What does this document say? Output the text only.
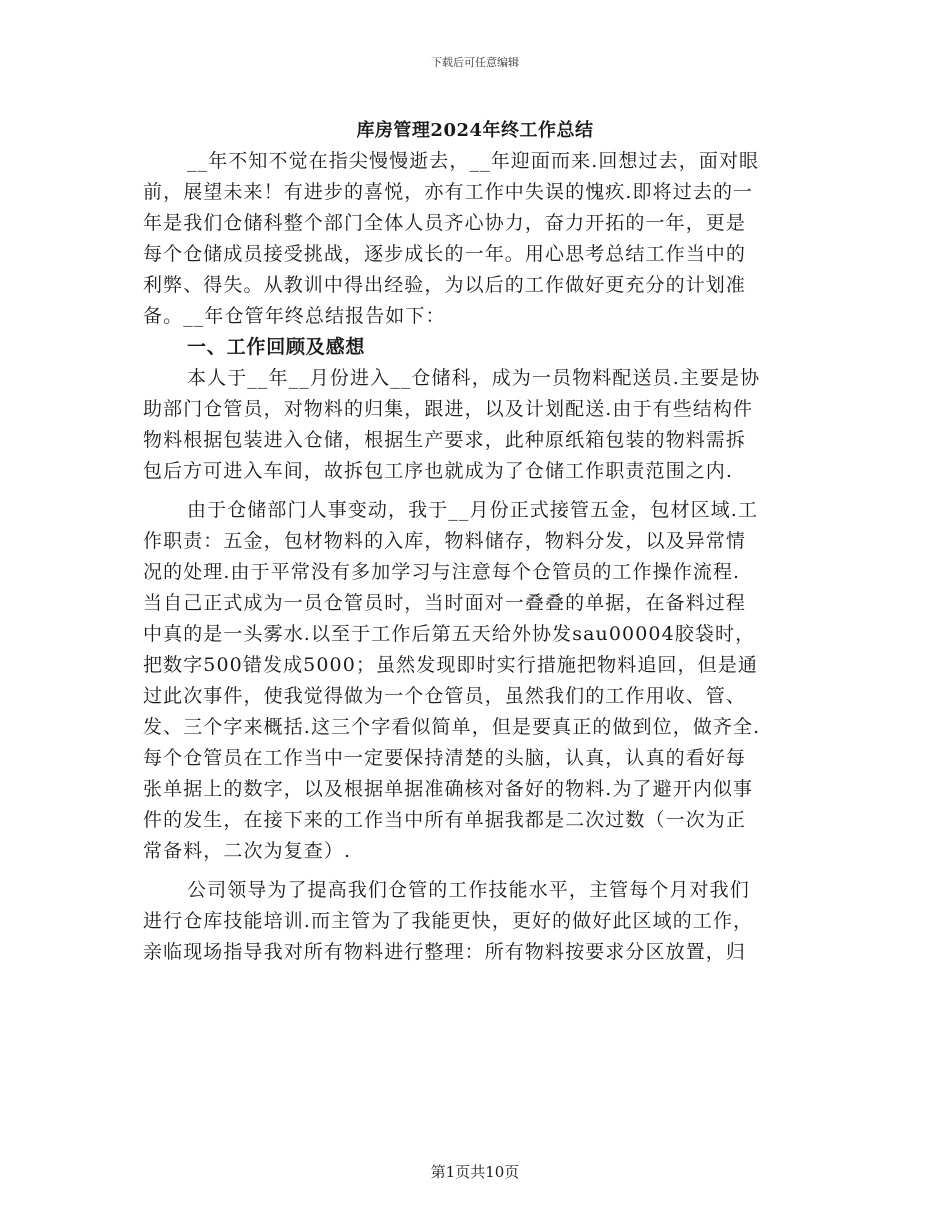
下载后可任意编辑
库房管理2024年终工作总结
__年不知不觉在指尖慢慢逝去，__年迎面而来.回想过去，面对眼
前，展望未来！有进步的喜悦，亦有工作中失误的愧疚.即将过去的一
年是我们仓储科整个部门全体人员齐心协力，奋力开拓的一年，更是
每个仓储成员接受挑战，逐步成长的一年。用心思考总结工作当中的
利弊、得失。从教训中得出经验，为以后的工作做好更充分的计划准
备。__年仓管年终总结报告如下：
一、工作回顾及感想
本人于__年__月份进入__仓储科，成为一员物料配送员.主要是协
助部门仓管员，对物料的归集，跟进，以及计划配送.由于有些结构件
物料根据包装进入仓储，根据生产要求，此种原纸箱包装的物料需拆
包后方可进入车间，故拆包工序也就成为了仓储工作职责范围之内.
由于仓储部门人事变动，我于__月份正式接管五金，包材区域.工
作职责：五金，包材物料的入库，物料储存，物料分发，以及异常情
况的处理.由于平常没有多加学习与注意每个仓管员的工作操作流程.
当自己正式成为一员仓管员时，当时面对一叠叠的单据，在备料过程
中真的是一头雾水.以至于工作后第五天给外协发sau00004胶袋时，
把数字500错发成5000；虽然发现即时实行措施把物料追回，但是通
过此次事件，使我觉得做为一个仓管员，虽然我们的工作用收、管、
发、三个字来概括.这三个字看似简单，但是要真正的做到位，做齐全.
每个仓管员在工作当中一定要保持清楚的头脑，认真，认真的看好每
张单据上的数字，以及根据单据准确核对备好的物料.为了避开内似事
件的发生，在接下来的工作当中所有单据我都是二次过数（一次为正
常备料，二次为复查）.
公司领导为了提高我们仓管的工作技能水平，主管每个月对我们
进行仓库技能培训.而主管为了我能更快，更好的做好此区域的工作，
亲临现场指导我对所有物料进行整理：所有物料按要求分区放置，归
第1页共10页
